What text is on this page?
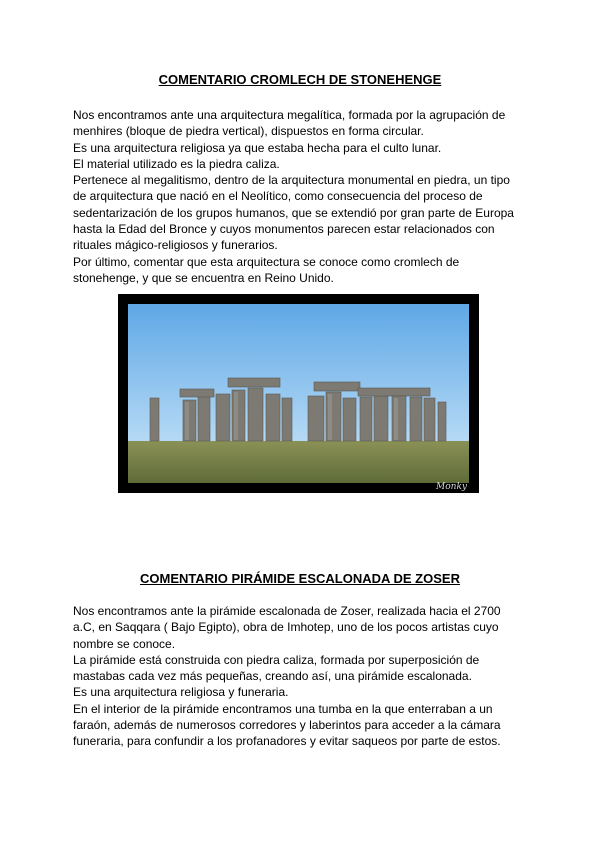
COMENTARIO CROMLECH DE STONEHENGE
Nos encontramos ante una arquitectura megalítica, formada por la agrupación de
menhires (bloque de piedra vertical), dispuestos en forma circular.
Es una arquitectura religiosa ya que estaba hecha para el culto lunar.
El material utilizado es la piedra caliza.
Pertenece al megalitismo, dentro de la arquitectura monumental en piedra, un tipo
de arquitectura que nació en el Neolítico, como consecuencia del proceso de
sedentarización de los grupos humanos, que se extendió por gran parte de Europa
hasta la Edad del Bronce y cuyos monumentos parecen estar relacionados con
rituales mágico-religiosos y funerarios.
Por último, comentar que esta arquitectura se conoce como cromlech de
stonehenge, y que se encuentra en Reino Unido.
Monky
COMENTARIO PIRÁMIDE ESCALONADA DE ZOSER
Nos encontramos ante la pirámide escalonada de Zoser, realizada hacia el 2700
a.C, en Saqqara ( Bajo Egipto), obra de Imhotep, uno de los pocos artistas cuyo
nombre se conoce.
La pirámide está construida con piedra caliza, formada por superposición de
mastabas cada vez más pequeñas, creando así, una pirámide escalonada.
Es una arquitectura religiosa y funeraria.
En el interior de la pirámide encontramos una tumba en la que enterraban a un
faraón, además de numerosos corredores y laberintos para acceder a la cámara
funeraria, para confundir a los profanadores y evitar saqueos por parte de estos.
